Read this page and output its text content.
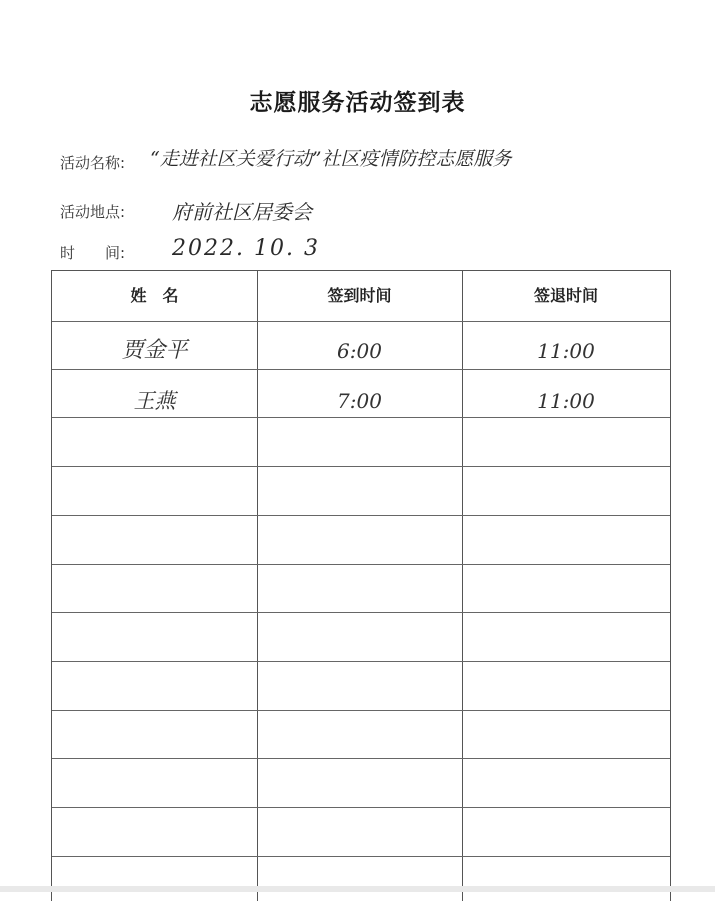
志愿服务活动签到表
活动名称: “走进社区关爱行动”社区疫情防控志愿服务
活动地点: 府前社区居委会
时　　间: 2022. 10. 3
姓　名	签到时间	签退时间
贾金平	6:00	11:00
王燕	7:00	11:00
